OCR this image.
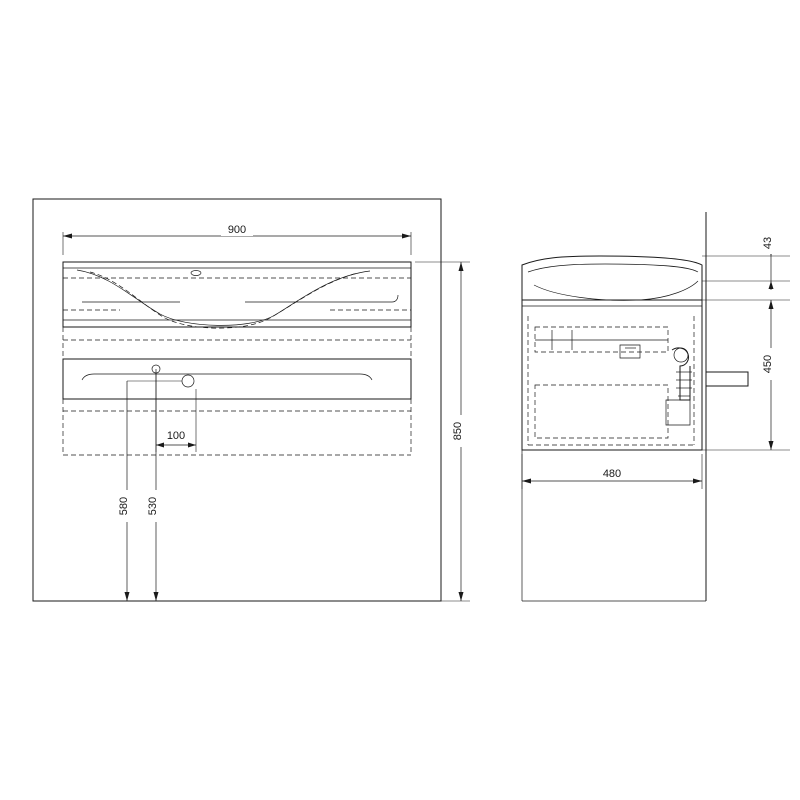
900
850
100
580 530
43
450
480
